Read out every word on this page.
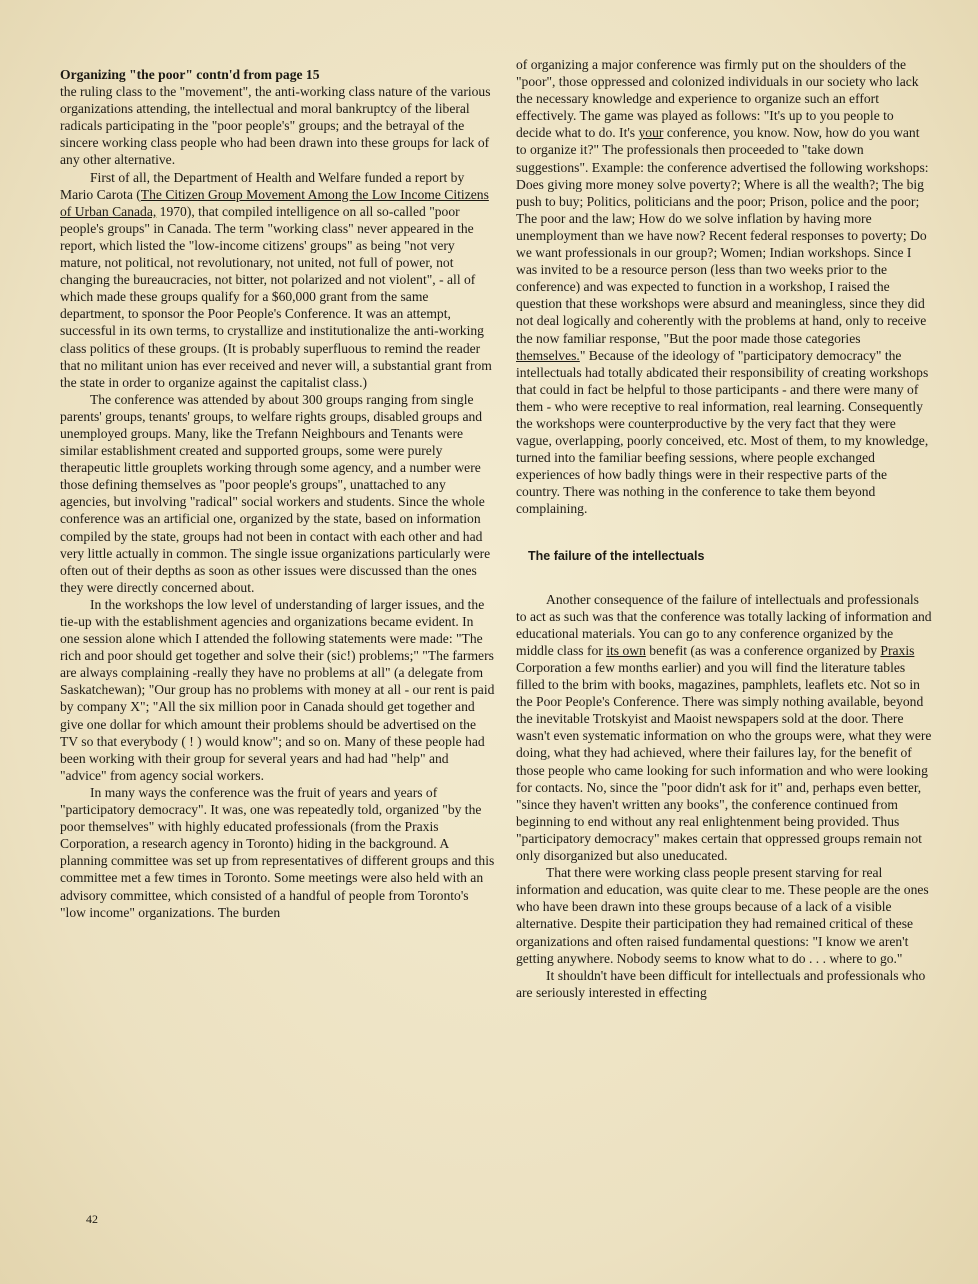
Organizing "the poor" contn'd from page 15

the ruling class to the "movement", the anti-working class nature of the various organizations attending, the intellectual and moral bankruptcy of the liberal radicals participating in the "poor people's" groups; and the betrayal of the sincere working class people who had been drawn into these groups for lack of any other alternative.

First of all, the Department of Health and Welfare funded a report by Mario Carota (The Citizen Group Movement Among the Low Income Citizens of Urban Canada, 1970), that compiled intelligence on all so-called "poor people's groups" in Canada. The term "working class" never appeared in the report, which listed the "low-income citizens' groups" as being "not very mature, not political, not revolutionary, not united, not full of power, not changing the bureaucracies, not bitter, not polarized and not violent", - all of which made these groups qualify for a $60,000 grant from the same department, to sponsor the Poor People's Conference. It was an attempt, successful in its own terms, to crystallize and institutionalize the anti-working class politics of these groups. (It is probably superfluous to remind the reader that no militant union has ever received and never will, a substantial grant from the state in order to organize against the capitalist class.)

The conference was attended by about 300 groups ranging from single parents' groups, tenants' groups, to welfare rights groups, disabled groups and unemployed groups. Many, like the Trefann Neighbours and Tenants were similar establishment created and supported groups, some were purely therapeutic little grouplets working through some agency, and a number were those defining themselves as "poor people's groups", unattached to any agencies, but involving "radical" social workers and students. Since the whole conference was an artificial one, organized by the state, based on information compiled by the state, groups had not been in contact with each other and had very little actually in common. The single issue organizations particularly were often out of their depths as soon as other issues were discussed than the ones they were directly concerned about.

In the workshops the low level of understanding of larger issues, and the tie-up with the establishment agencies and organizations became evident. In one session alone which I attended the following statements were made: "The rich and poor should get together and solve their (sic!) problems;" "The farmers are always complaining -really they have no problems at all" (a delegate from Saskatchewan); "Our group has no problems with money at all - our rent is paid by company X"; "All the six million poor in Canada should get together and give one dollar for which amount their problems should be advertised on the TV so that everybody ( ! ) would know"; and so on. Many of these people had been working with their group for several years and had had "help" and "advice" from agency social workers.

In many ways the conference was the fruit of years and years of "participatory democracy". It was, one was repeatedly told, organized "by the poor themselves" with highly educated professionals (from the Praxis Corporation, a research agency in Toronto) hiding in the background. A planning committee was set up from representatives of different groups and this committee met a few times in Toronto. Some meetings were also held with an advisory committee, which consisted of a handful of people from Toronto's "low income" organizations. The burden

of organizing a major conference was firmly put on the shoulders of the "poor", those oppressed and colonized individuals in our society who lack the necessary knowledge and experience to organize such an effort effectively. The game was played as follows: "It's up to you people to decide what to do. It's your conference, you know. Now, how do you want to organize it?" The professionals then proceeded to "take down suggestions". Example: the conference advertised the following workshops: Does giving more money solve poverty?; Where is all the wealth?; The big push to buy; Politics, politicians and the poor; Prison, police and the poor; The poor and the law; How do we solve inflation by having more unemployment than we have now? Recent federal responses to poverty; Do we want professionals in our group?; Women; Indian workshops. Since I was invited to be a resource person (less than two weeks prior to the conference) and was expected to function in a workshop, I raised the question that these workshops were absurd and meaningless, since they did not deal logically and coherently with the problems at hand, only to receive the now familiar response, "But the poor made those categories themselves." Because of the ideology of "participatory democracy" the intellectuals had totally abdicated their responsibility of creating workshops that could in fact be helpful to those participants - and there were many of them - who were receptive to real information, real learning. Consequently the workshops were counterproductive by the very fact that they were vague, overlapping, poorly conceived, etc. Most of them, to my knowledge, turned into the familiar beefing sessions, where people exchanged experiences of how badly things were in their respective parts of the country. There was nothing in the conference to take them beyond complaining.

The failure of the intellectuals

Another consequence of the failure of intellectuals and professionals to act as such was that the conference was totally lacking of information and educational materials. You can go to any conference organized by the middle class for its own benefit (as was a conference organized by Praxis Corporation a few months earlier) and you will find the literature tables filled to the brim with books, magazines, pamphlets, leaflets etc. Not so in the Poor People's Conference. There was simply nothing available, beyond the inevitable Trotskyist and Maoist newspapers sold at the door. There wasn't even systematic information on who the groups were, what they were doing, what they had achieved, where their failures lay, for the benefit of those people who came looking for such information and who were looking for contacts. No, since the "poor didn't ask for it" and, perhaps even better, "since they haven't written any books", the conference continued from beginning to end without any real enlightenment being provided. Thus "participatory democracy" makes certain that oppressed groups remain not only disorganized but also uneducated.

That there were working class people present starving for real information and education, was quite clear to me. These people are the ones who have been drawn into these groups because of a lack of a visible alternative. Despite their participation they had remained critical of these organizations and often raised fundamental questions: "I know we aren't getting anywhere. Nobody seems to know what to do . . . where to go."

It shouldn't have been difficult for intellectuals and professionals who are seriously interested in effecting

42
